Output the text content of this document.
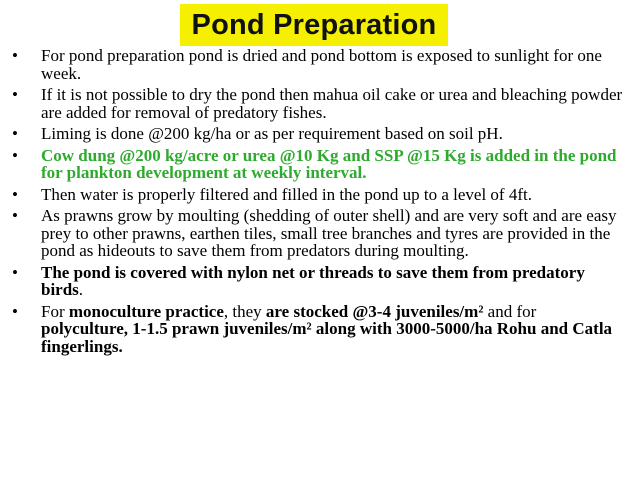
Pond Preparation
• For pond preparation pond is dried and pond bottom is exposed to sunlight for one week.
• If it is not possible to dry the pond then mahua oil cake or urea and bleaching powder are added for removal of predatory fishes.
• Liming is done @200 kg/ha or as per requirement based on soil pH.
• Cow dung @200 kg/acre or urea @10 Kg and SSP @15 Kg is added in the pond for plankton development at weekly interval.
• Then water is properly filtered and filled in the pond up to a level of 4ft.
• As prawns grow by moulting (shedding of outer shell) and are very soft and are easy prey to other prawns, earthen tiles, small tree branches and tyres are provided in the pond as hideouts to save them from predators during moulting.
• The pond is covered with nylon net or threads to save them from predatory birds.
• For monoculture practice, they are stocked @3-4 juveniles/m² and for polyculture, 1-1.5 prawn juveniles/m² along with 3000-5000/ha Rohu and Catla fingerlings.
